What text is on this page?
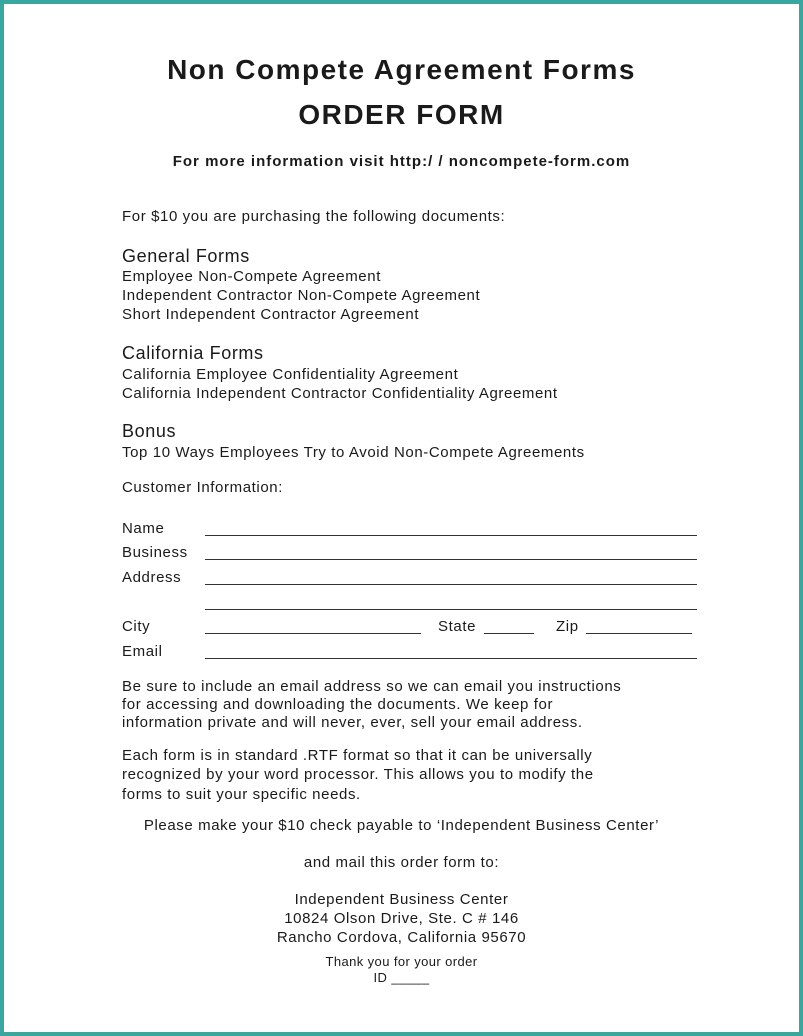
Non Compete Agreement Forms
ORDER FORM
For more information visit http:/ / noncompete-form.com
For $10 you are purchasing the following documents:
General Forms
Employee Non-Compete Agreement
Independent Contractor Non-Compete Agreement
Short Independent Contractor Agreement
California Forms
California Employee Confidentiality Agreement
California Independent Contractor Confidentiality Agreement
Bonus
Top 10 Ways Employees Try to Avoid Non-Compete Agreements
Customer Information:
Name
Business
Address
City	State	Zip
Email
Be sure to include an email address so we can email you instructions
for accessing and downloading the documents. We keep for
information private and will never, ever, sell your email address.
Each form is in standard .RTF format so that it can be universally
recognized by your word processor. This allows you to modify the
forms to suit your specific needs.
Please make your $10 check payable to ‘Independent Business Center’
and mail this order form to:
Independent Business Center
10824 Olson Drive, Ste. C # 146
Rancho Cordova, California 95670
Thank you for your order
ID _____
